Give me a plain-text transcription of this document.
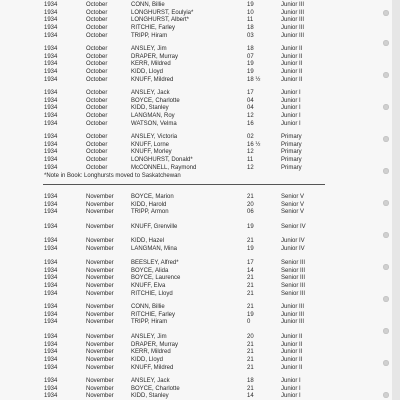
1934	October	CONN, Billie	19	Junior III
1934	October	LONGHURST, Eoulyia*	10	Junior III
1934	October	LONGHURST, Albert*	11	Junior III
1934	October	RITCHIE, Farley	18	Junior III
1934	October	TRIPP, Hiram	03	Junior III
1934	October	ANSLEY, Jim	18	Junior II
1934	October	DRAPER, Murray	07	Junior II
1934	October	KERR, Mildred	19	Junior II
1934	October	KIDD, Lloyd	19	Junior II
1934	October	KNUFF, Mildred	18 ½	Junior II
1934	October	ANSLEY, Jack	17	Junior I
1934	October	BOYCE, Charlotte	04	Junior I
1934	October	KIDD, Stanley	04	Junior I
1934	October	LANGMAN, Roy	12	Junior I
1934	October	WATSON, Velma	16	Junior I
1934	October	ANSLEY, Victoria	02	Primary
1934	October	KNUFF, Lorne	16 ½	Primary
1934	October	KNUFF, Morley	12	Primary
1934	October	LONGHURST, Donald*	11	Primary
1934	October	McCONNELL, Raymond	12	Primary
1934	November	BOYCE, Marion	21	Senior V
1934	November	KIDD, Harold	20	Senior V
1934	November	TRIPP, Armon	06	Senior V
1934	November	KNUFF, Grenville	19	Senior IV
1934	November	KIDD, Hazel	21	Junior IV
1934	November	LANGMAN, Mina	19	Junior IV
1934	November	BEESLEY, Alfred*	17	Senior III
1934	November	BOYCE, Alida	14	Senior III
1934	November	BOYCE, Laurence	21	Senior III
1934	November	KNUFF, Elva	21	Senior III
1934	November	RITCHIE, Lloyd	21	Senior III
1934	November	CONN, Billie	21	Junior III
1934	November	RITCHIE, Farley	19	Junior III
1934	November	TRIPP, Hiram	0	Junior III
1934	November	ANSLEY, Jim	20	Junior II
1934	November	DRAPER, Murray	21	Junior II
1934	November	KERR, Mildred	21	Junior II
1934	November	KIDD, Lloyd	21	Junior II
1934	November	KNUFF, Mildred	21	Junior II
1934	November	ANSLEY, Jack	18	Junior I
1934	November	BOYCE, Charlotte	21	Junior I
1934	November	KIDD, Stanley	14	Junior I
*Note in Book: Longhursts moved to Saskatchewan
